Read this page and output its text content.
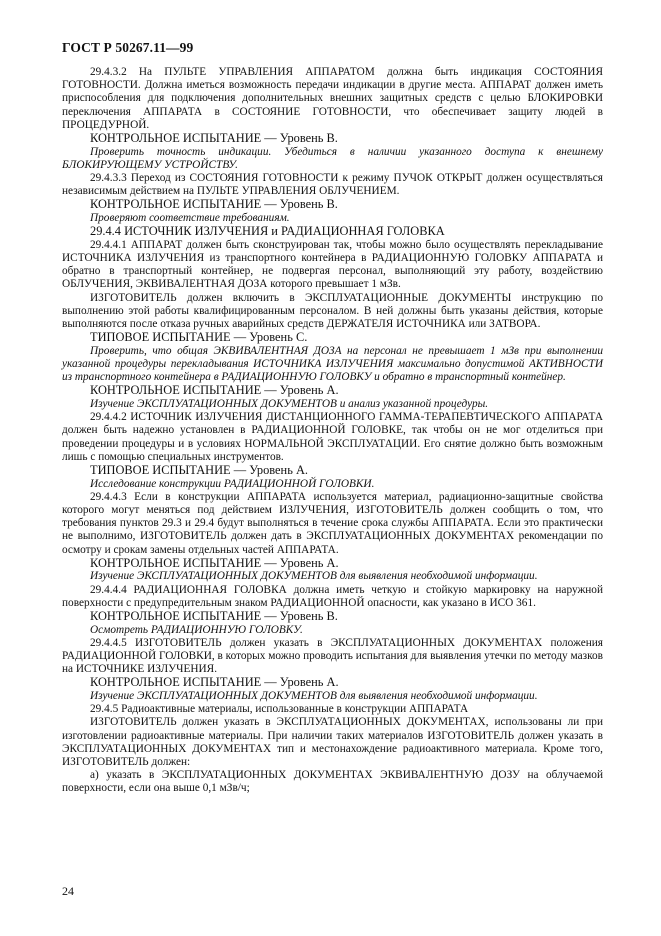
ГОСТ Р 50267.11—99

29.4.3.2 На ПУЛЬТЕ УПРАВЛЕНИЯ АППАРАТОМ должна быть индикация СОСТОЯНИЯ ГОТОВНОСТИ. Должна иметься возможность передачи индикации в другие места. АППАРАТ должен иметь приспособления для подключения дополнительных внешних защитных средств с целью БЛОКИРОВКИ переключения АППАРАТА в СОСТОЯНИЕ ГОТОВНОСТИ, что обеспечивает защиту людей в ПРОЦЕДУРНОЙ.

КОНТРОЛЬНОЕ ИСПЫТАНИЕ — Уровень В.

Проверить точность индикации. Убедиться в наличии указанного доступа к внешнему БЛОКИРУЮЩЕМУ УСТРОЙСТВУ.

29.4.3.3 Переход из СОСТОЯНИЯ ГОТОВНОСТИ к режиму ПУЧОК ОТКРЫТ должен осуществляться независимым действием на ПУЛЬТЕ УПРАВЛЕНИЯ ОБЛУЧЕНИЕМ.

КОНТРОЛЬНОЕ ИСПЫТАНИЕ — Уровень В.

Проверяют соответствие требованиям.

29.4.4 ИСТОЧНИК ИЗЛУЧЕНИЯ и РАДИАЦИОННАЯ ГОЛОВКА

29.4.4.1 АППАРАТ должен быть сконструирован так, чтобы можно было осуществлять перекладывание ИСТОЧНИКА ИЗЛУЧЕНИЯ из транспортного контейнера в РАДИАЦИОННУЮ ГОЛОВКУ АППАРАТА и обратно в транспортный контейнер, не подвергая персонал, выполняющий эту работу, воздействию ОБЛУЧЕНИЯ, ЭКВИВАЛЕНТНАЯ ДОЗА которого превышает 1 мЗв.

ИЗГОТОВИТЕЛЬ должен включить в ЭКСПЛУАТАЦИОННЫЕ ДОКУМЕНТЫ инструкцию по выполнению этой работы квалифицированным персоналом. В ней должны быть указаны действия, которые выполняются после отказа ручных аварийных средств ДЕРЖАТЕЛЯ ИСТОЧНИКА или ЗАТВОРА.

ТИПОВОЕ ИСПЫТАНИЕ — Уровень С.

Проверить, что общая ЭКВИВАЛЕНТНАЯ ДОЗА на персонал не превышает 1 мЗв при выполнении указанной процедуры перекладывания ИСТОЧНИКА ИЗЛУЧЕНИЯ максимально допустимой АКТИВНОСТИ из транспортного контейнера в РАДИАЦИОННУЮ ГОЛОВКУ и обратно в транспортный контейнер.

КОНТРОЛЬНОЕ ИСПЫТАНИЕ — Уровень А.

Изучение ЭКСПЛУАТАЦИОННЫХ ДОКУМЕНТОВ и анализ указанной процедуры.

29.4.4.2 ИСТОЧНИК ИЗЛУЧЕНИЯ ДИСТАНЦИОННОГО ГАММА-ТЕРАПЕВТИЧЕСКОГО АППАРАТА должен быть надежно установлен в РАДИАЦИОННОЙ ГОЛОВКЕ, так чтобы он не мог отделиться при проведении процедуры и в условиях НОРМАЛЬНОЙ ЭКСПЛУАТАЦИИ. Его снятие должно быть возможным лишь с помощью специальных инструментов.

ТИПОВОЕ ИСПЫТАНИЕ — Уровень А.

Исследование конструкции РАДИАЦИОННОЙ ГОЛОВКИ.

29.4.4.3 Если в конструкции АППАРАТА используется материал, радиационно-защитные свойства которого могут меняться под действием ИЗЛУЧЕНИЯ, ИЗГОТОВИТЕЛЬ должен сообщить о том, что требования пунктов 29.3 и 29.4 будут выполняться в течение срока службы АППАРАТА. Если это практически не выполнимо, ИЗГОТОВИТЕЛЬ должен дать в ЭКСПЛУАТАЦИОННЫХ ДОКУМЕНТАХ рекомендации по осмотру и срокам замены отдельных частей АППАРАТА.

КОНТРОЛЬНОЕ ИСПЫТАНИЕ — Уровень А.

Изучение ЭКСПЛУАТАЦИОННЫХ ДОКУМЕНТОВ для выявления необходимой информации.

29.4.4.4 РАДИАЦИОННАЯ ГОЛОВКА должна иметь четкую и стойкую маркировку на наружной поверхности с предупредительным знаком РАДИАЦИОННОЙ опасности, как указано в ИСО 361.

КОНТРОЛЬНОЕ ИСПЫТАНИЕ — Уровень В.

Осмотреть РАДИАЦИОННУЮ ГОЛОВКУ.

29.4.4.5 ИЗГОТОВИТЕЛЬ должен указать в ЭКСПЛУАТАЦИОННЫХ ДОКУМЕНТАХ положения РАДИАЦИОННОЙ ГОЛОВКИ, в которых можно проводить испытания для выявления утечки по методу мазков на ИСТОЧНИКЕ ИЗЛУЧЕНИЯ.

КОНТРОЛЬНОЕ ИСПЫТАНИЕ — Уровень А.

Изучение ЭКСПЛУАТАЦИОННЫХ ДОКУМЕНТОВ для выявления необходимой информации.

29.4.5 Радиоактивные материалы, использованные в конструкции АППАРАТА

ИЗГОТОВИТЕЛЬ должен указать в ЭКСПЛУАТАЦИОННЫХ ДОКУМЕНТАХ, использованы ли при изготовлении радиоактивные материалы. При наличии таких материалов ИЗГОТОВИТЕЛЬ должен указать в ЭКСПЛУАТАЦИОННЫХ ДОКУМЕНТАХ тип и местонахождение радиоактивного материала. Кроме того, ИЗГОТОВИТЕЛЬ должен:

а) указать в ЭКСПЛУАТАЦИОННЫХ ДОКУМЕНТАХ ЭКВИВАЛЕНТНУЮ ДОЗУ на облучаемой поверхности, если она выше 0,1 мЗв/ч;

24
